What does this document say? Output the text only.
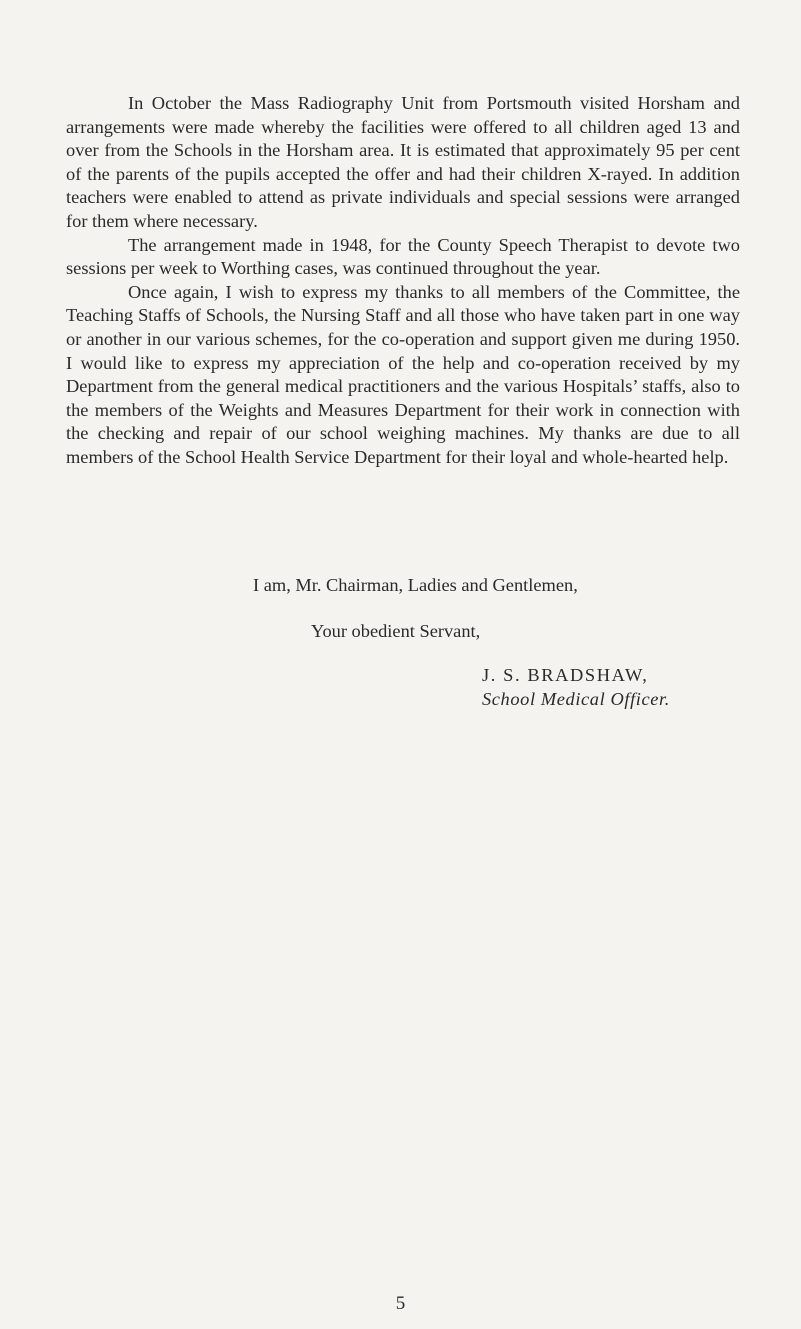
In October the Mass Radiography Unit from Portsmouth visited Horsham and arrangements were made whereby the facilities were offered to all children aged 13 and over from the Schools in the Horsham area. It is estimated that approximately 95 per cent of the parents of the pupils accepted the offer and had their children X-rayed. In addition teachers were enabled to attend as private individuals and special sessions were arranged for them where necessary.

The arrangement made in 1948, for the County Speech Therapist to devote two sessions per week to Worthing cases, was continued throughout the year.

Once again, I wish to express my thanks to all members of the Committee, the Teaching Staffs of Schools, the Nursing Staff and all those who have taken part in one way or another in our various schemes, for the co-operation and support given me during 1950. I would like to express my appreciation of the help and co-operation received by my Department from the general medical practitioners and the various Hospitals’ staffs, also to the members of the Weights and Measures Department for their work in connection with the checking and repair of our school weighing machines. My thanks are due to all members of the School Health Service Department for their loyal and whole-hearted help.

I am, Mr. Chairman, Ladies and Gentlemen,
Your obedient Servant,
J. S. BRADSHAW,
School Medical Officer.
5
